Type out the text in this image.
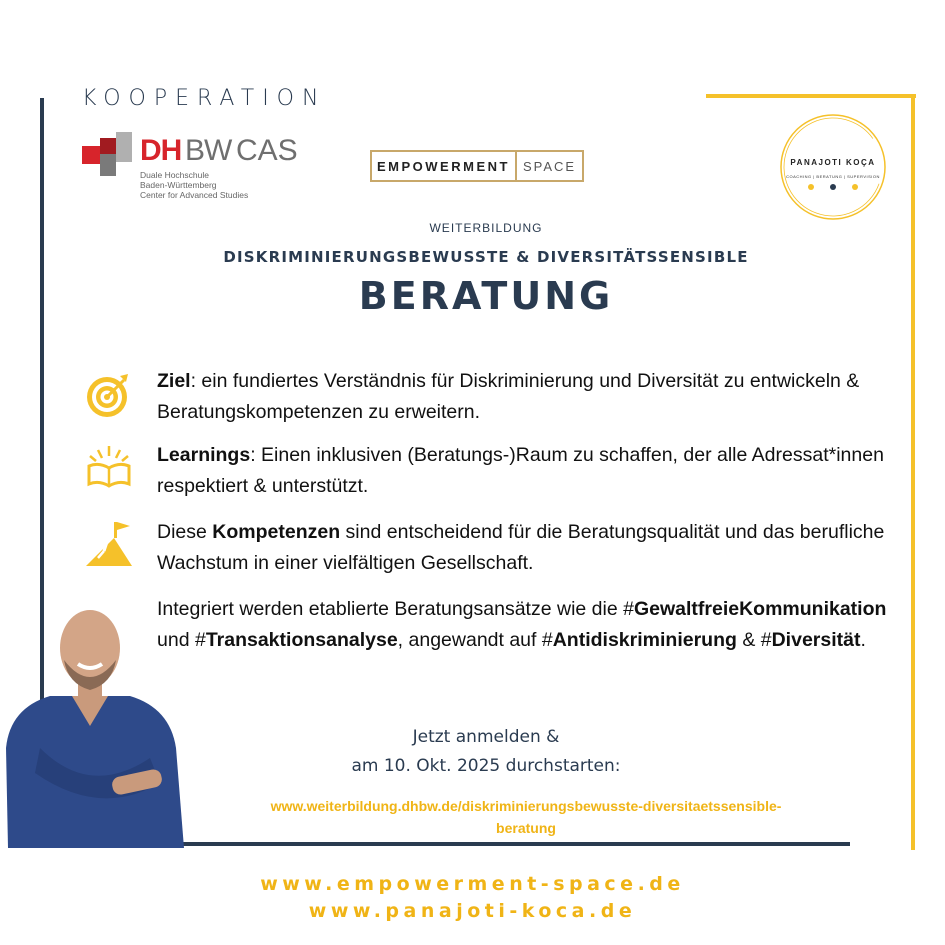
KOOPERATION
DH BW CAS
Duale Hochschule
Baden-Württemberg
Center for Advanced Studies
EMPOWERMENT	SPACE	PANAJOTI KOÇA
COACHING | BERATUNG | SUPERVISION
WEITERBILDUNG
DISKRIMINIERUNGSBEWUSSTE & DIVERSITÄTSSENSIBLE
BERATUNG
Ziel: ein fundiertes Verständnis für Diskriminierung und Diversität zu entwickeln & Beratungskompetenzen zu erweitern.
Learnings: Einen inklusiven (Beratungs-)Raum zu schaffen, der alle Adressat*innen respektiert & unterstützt.
Diese Kompetenzen sind entscheidend für die Beratungsqualität und das berufliche Wachstum in einer vielfältigen Gesellschaft.
Integriert werden etablierte Beratungsansätze wie die #GewaltfreieKommunikation und #Transaktionsanalyse, angewandt auf #Antidiskriminierung & #Diversität.
Jetzt anmelden &
am 10. Okt. 2025 durchstarten:
www.weiterbildung.dhbw.de/diskriminierungsbewusste-diversitaetssensible-
beratung
www.empowerment-space.de
www.panajoti-koca.de
